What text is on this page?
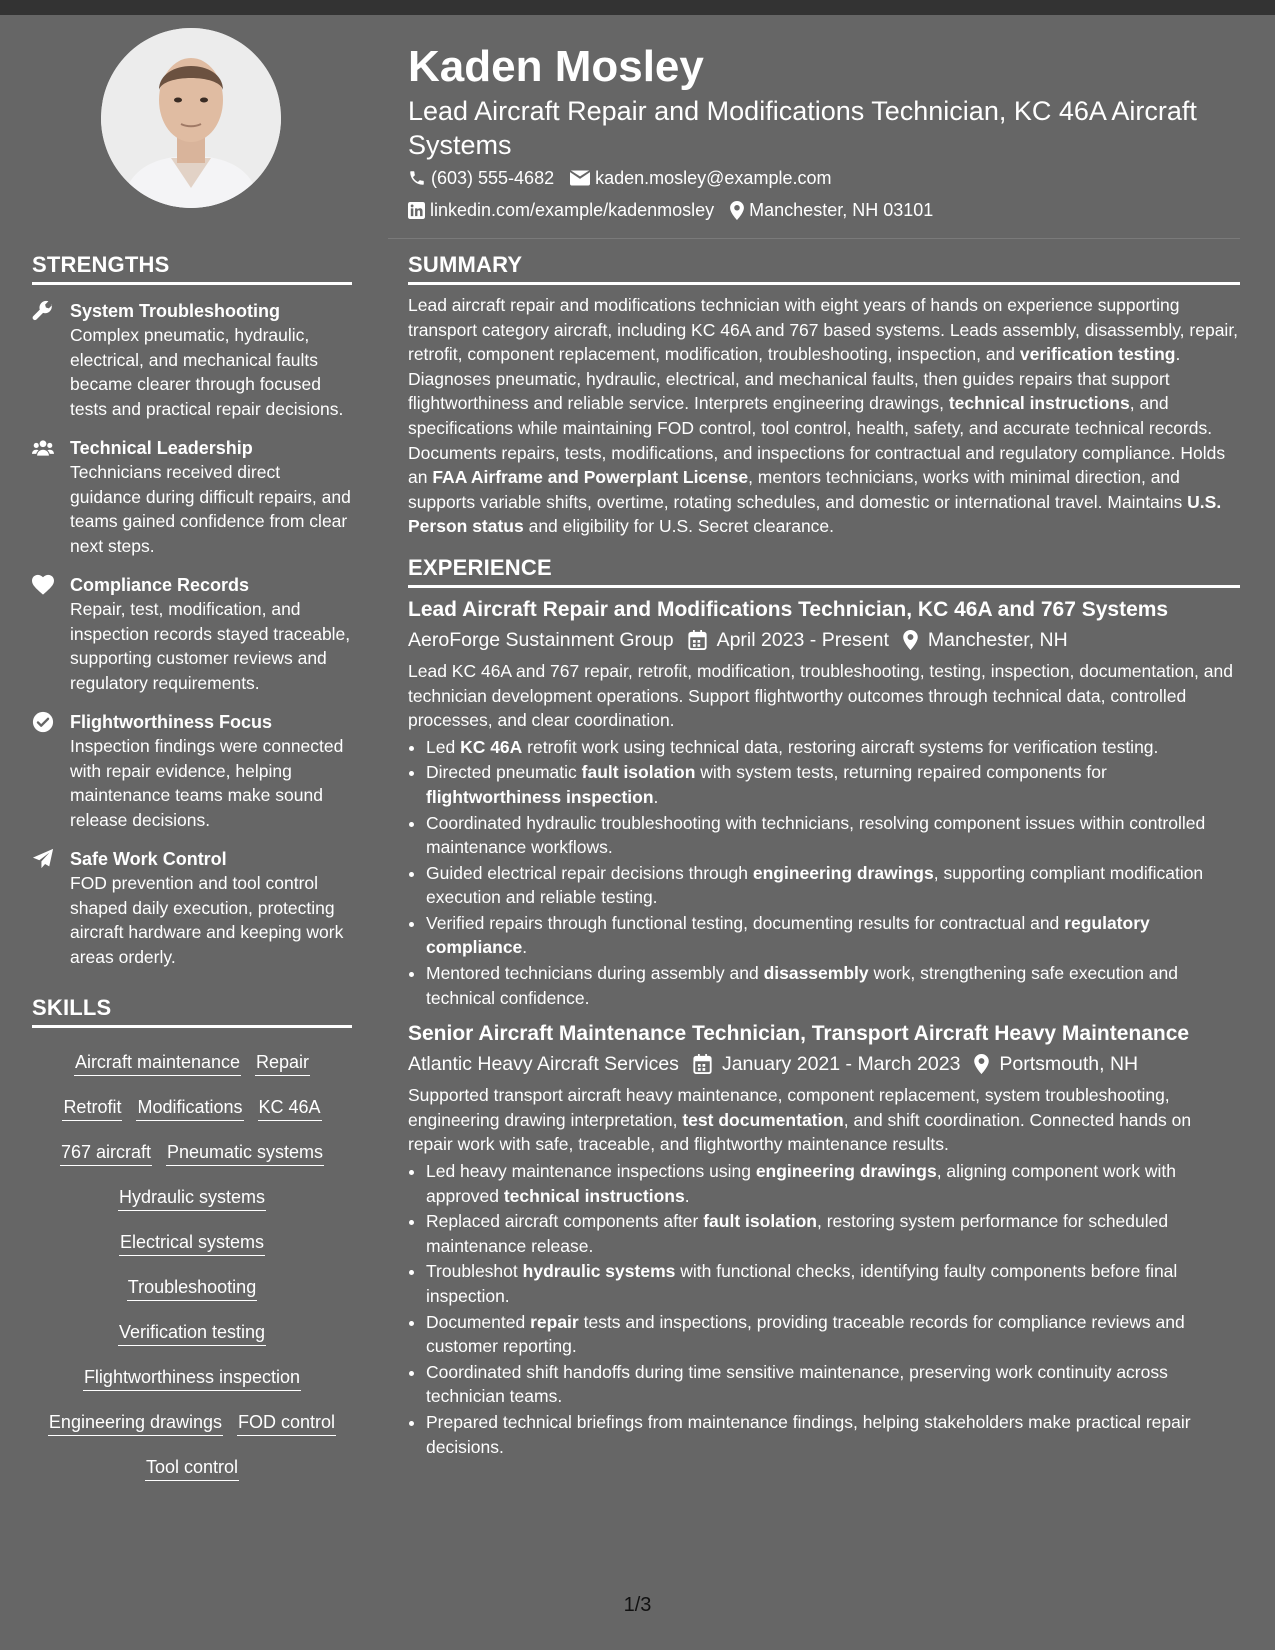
Kaden Mosley

Lead Aircraft Repair and Modifications Technician, KC 46A Aircraft Systems

(603) 555-4682 kaden.mosley@example.com
linkedin.com/example/kadenmosley Manchester, NH 03101
STRENGTHS
System Troubleshooting
Complex pneumatic, hydraulic, electrical, and mechanical faults became clearer through focused tests and practical repair decisions.
Technical Leadership
Technicians received direct guidance during difficult repairs, and teams gained confidence from clear next steps.
Compliance Records
Repair, test, modification, and inspection records stayed traceable, supporting customer reviews and regulatory requirements.
Flightworthiness Focus
Inspection findings were connected with repair evidence, helping maintenance teams make sound release decisions.
Safe Work Control
FOD prevention and tool control shaped daily execution, protecting aircraft hardware and keeping work areas orderly.
SKILLS
Aircraft maintenance Repair
Retrofit Modifications KC 46A
767 aircraft Pneumatic systems
Hydraulic systems
Electrical systems
Troubleshooting
Verification testing
Flightworthiness inspection
Engineering drawings FOD control
Tool control
SUMMARY

Lead aircraft repair and modifications technician with eight years of hands on experience supporting transport category aircraft, including KC 46A and 767 based systems. Leads assembly, disassembly, repair, retrofit, component replacement, modification, troubleshooting, inspection, and verification testing. Diagnoses pneumatic, hydraulic, electrical, and mechanical faults, then guides repairs that support flightworthiness and reliable service. Interprets engineering drawings, technical instructions, and specifications while maintaining FOD control, tool control, health, safety, and accurate technical records. Documents repairs, tests, modifications, and inspections for contractual and regulatory compliance. Holds an FAA Airframe and Powerplant License, mentors technicians, works with minimal direction, and supports variable shifts, overtime, rotating schedules, and domestic or international travel. Maintains U.S. Person status and eligibility for U.S. Secret clearance.

EXPERIENCE
Lead Aircraft Repair and Modifications Technician, KC 46A and 767 Systems
AeroForge Sustainment Group April 2023 - Present Manchester, NH

Lead KC 46A and 767 repair, retrofit, modification, troubleshooting, testing, inspection, documentation, and technician development operations. Support flightworthy outcomes through technical data, controlled processes, and clear coordination.

• Led KC 46A retrofit work using technical data, restoring aircraft systems for verification testing.
• Directed pneumatic fault isolation with system tests, returning repaired components for flightworthiness inspection.
• Coordinated hydraulic troubleshooting with technicians, resolving component issues within controlled maintenance workflows.
• Guided electrical repair decisions through engineering drawings, supporting compliant modification execution and reliable testing.
• Verified repairs through functional testing, documenting results for contractual and regulatory compliance.
• Mentored technicians during assembly and disassembly work, strengthening safe execution and technical confidence.
Senior Aircraft Maintenance Technician, Transport Aircraft Heavy Maintenance
Atlantic Heavy Aircraft Services January 2021 - March 2023 Portsmouth, NH

Supported transport aircraft heavy maintenance, component replacement, system troubleshooting, engineering drawing interpretation, test documentation, and shift coordination. Connected hands on repair work with safe, traceable, and flightworthy maintenance results.

• Led heavy maintenance inspections using engineering drawings, aligning component work with approved technical instructions.
• Replaced aircraft components after fault isolation, restoring system performance for scheduled maintenance release.
• Troubleshot hydraulic systems with functional checks, identifying faulty components before final inspection.
• Documented repair tests and inspections, providing traceable records for compliance reviews and customer reporting.
• Coordinated shift handoffs during time sensitive maintenance, preserving work continuity across technician teams.
• Prepared technical briefings from maintenance findings, helping stakeholders make practical repair decisions.
1/3
